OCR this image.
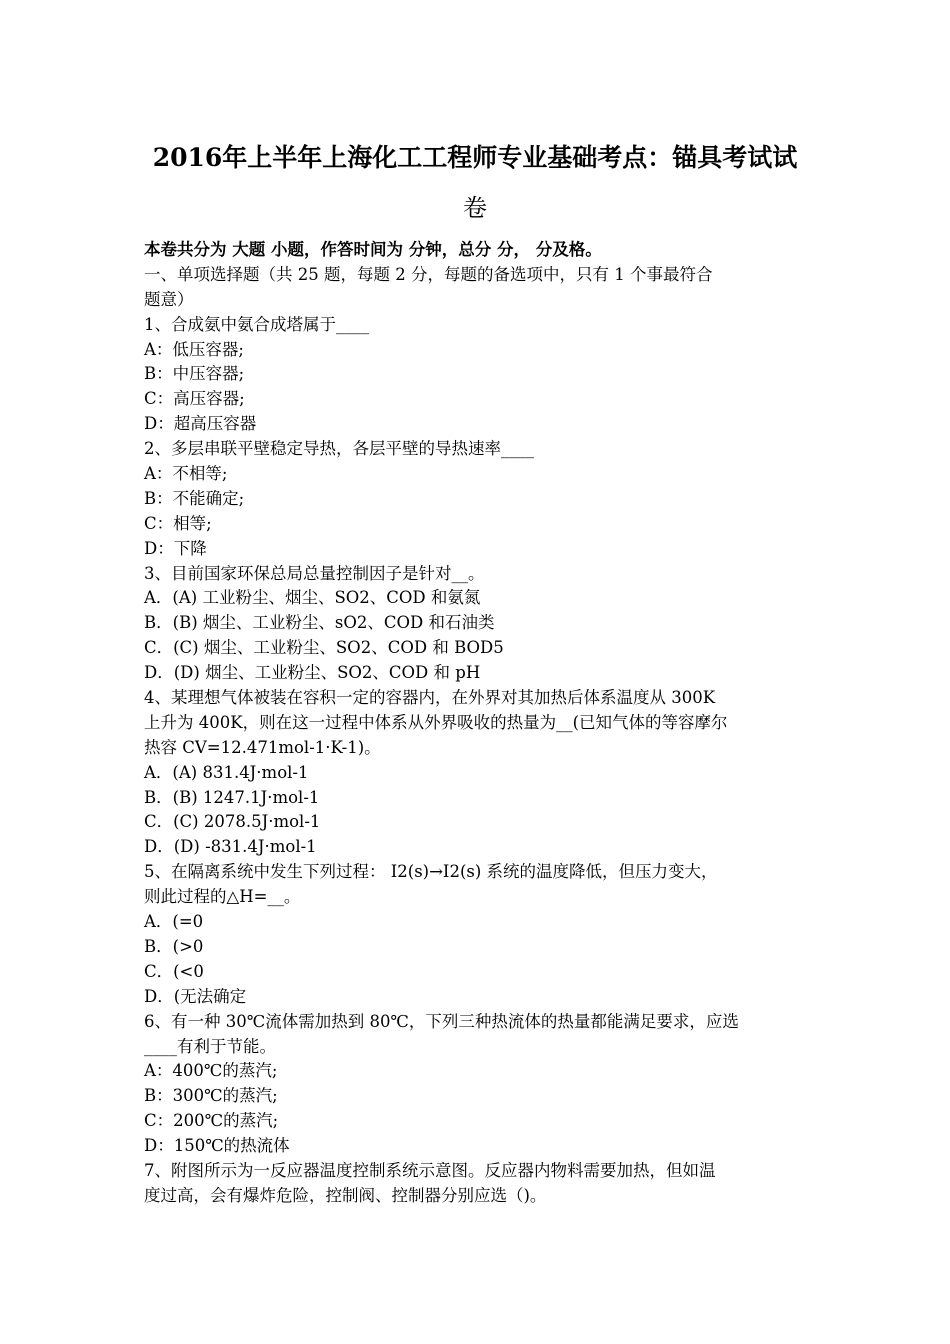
2016年上半年上海化工工程师专业基础考点：锚具考试试
卷
本卷共分为 大题 小题，作答时间为 分钟，总分 分， 分及格。
一、单项选择题（共 25 题，每题 2 分，每题的备选项中，只有 1 个事最符合
题意）
1、合成氨中氨合成塔属于____
A：低压容器;
B：中压容器;
C：高压容器;
D：超高压容器
2、多层串联平壁稳定导热，各层平壁的导热速率____
A：不相等;
B：不能确定;
C：相等;
D：下降
3、目前国家环保总局总量控制因子是针对__。
A．(A) 工业粉尘、烟尘、SO2、COD 和氨氮
B．(B) 烟尘、工业粉尘、sO2、COD 和石油类
C．(C) 烟尘、工业粉尘、SO2、COD 和 BOD5
D．(D) 烟尘、工业粉尘、SO2、COD 和 pH
4、某理想气体被装在容积一定的容器内，在外界对其加热后体系温度从 300K
上升为 400K，则在这一过程中体系从外界吸收的热量为__(已知气体的等容摩尔
热容 CV=12.471mol-1·K-1)。
A．(A) 831.4J·mol-1
B．(B) 1247.1J·mol-1
C．(C) 2078.5J·mol-1
D．(D) -831.4J·mol-1
5、在隔离系统中发生下列过程： I2(s)→I2(s) 系统的温度降低，但压力变大，
则此过程的△H=__。
A．(=0
B．(>0
C．(<0
D．(无法确定
6、有一种 30℃流体需加热到 80℃，下列三种热流体的热量都能满足要求，应选
____有利于节能。
A：400℃的蒸汽;
B：300℃的蒸汽;
C：200℃的蒸汽;
D：150℃的热流体
7、附图所示为一反应器温度控制系统示意图。反应器内物料需要加热，但如温
度过高，会有爆炸危险，控制阀、控制器分别应选（)。
